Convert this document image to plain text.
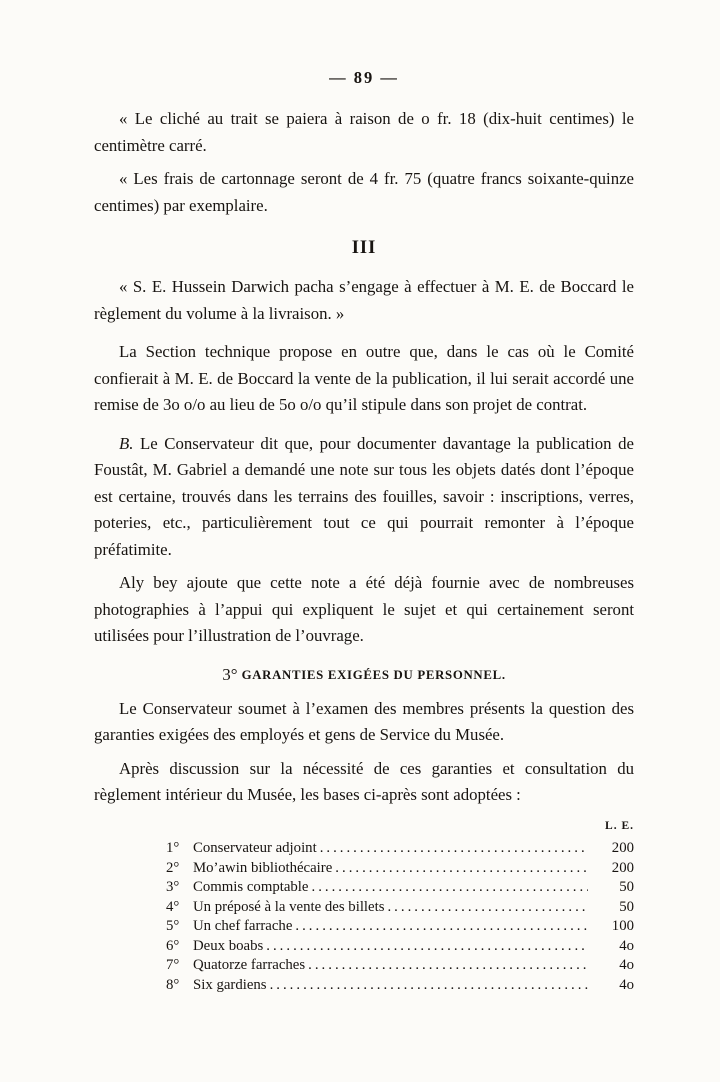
— 89 —

« Le cliché au trait se paiera à raison de o fr. 18 (dix-huit centimes) le centimètre carré.

« Les frais de cartonnage seront de 4 fr. 75 (quatre francs soixante-quinze centimes) par exemplaire.

III

« S. E. Hussein Darwich pacha s’engage à effectuer à M. E. de Boccard le règlement du volume à la livraison. »

La Section technique propose en outre que, dans le cas où le Comité confierait à M. E. de Boccard la vente de la publication, il lui serait accordé une remise de 3o o/o au lieu de 5o o/o qu’il stipule dans son projet de contrat.

B. Le Conservateur dit que, pour documenter davantage la publication de Foustât, M. Gabriel a demandé une note sur tous les objets datés dont l’époque est certaine, trouvés dans les terrains des fouilles, savoir : inscriptions, verres, poteries, etc., particulièrement tout ce qui pourrait remonter à l’époque préfatimite.

Aly bey ajoute que cette note a été déjà fournie avec de nombreuses photographies à l’appui qui expliquent le sujet et qui certainement seront utilisées pour l’illustration de l’ouvrage.

3° GARANTIES EXIGÉES DU PERSONNEL.

Le Conservateur soumet à l’examen des membres présents la question des garanties exigées des employés et gens de Service du Musée.

Après discussion sur la nécessité de ces garanties et consultation du règlement intérieur du Musée, les bases ci-après sont adoptées :

L. E.
1° Conservateur adjoint .....	200
2° Mo’awin bibliothécaire .....	200
3° Commis comptable .....	50
4° Un préposé à la vente des billets .....	50
5° Un chef farrache .....	100
6° Deux boabs .....	4o
7° Quatorze farraches .....	4o
8° Six gardiens .....	4o
